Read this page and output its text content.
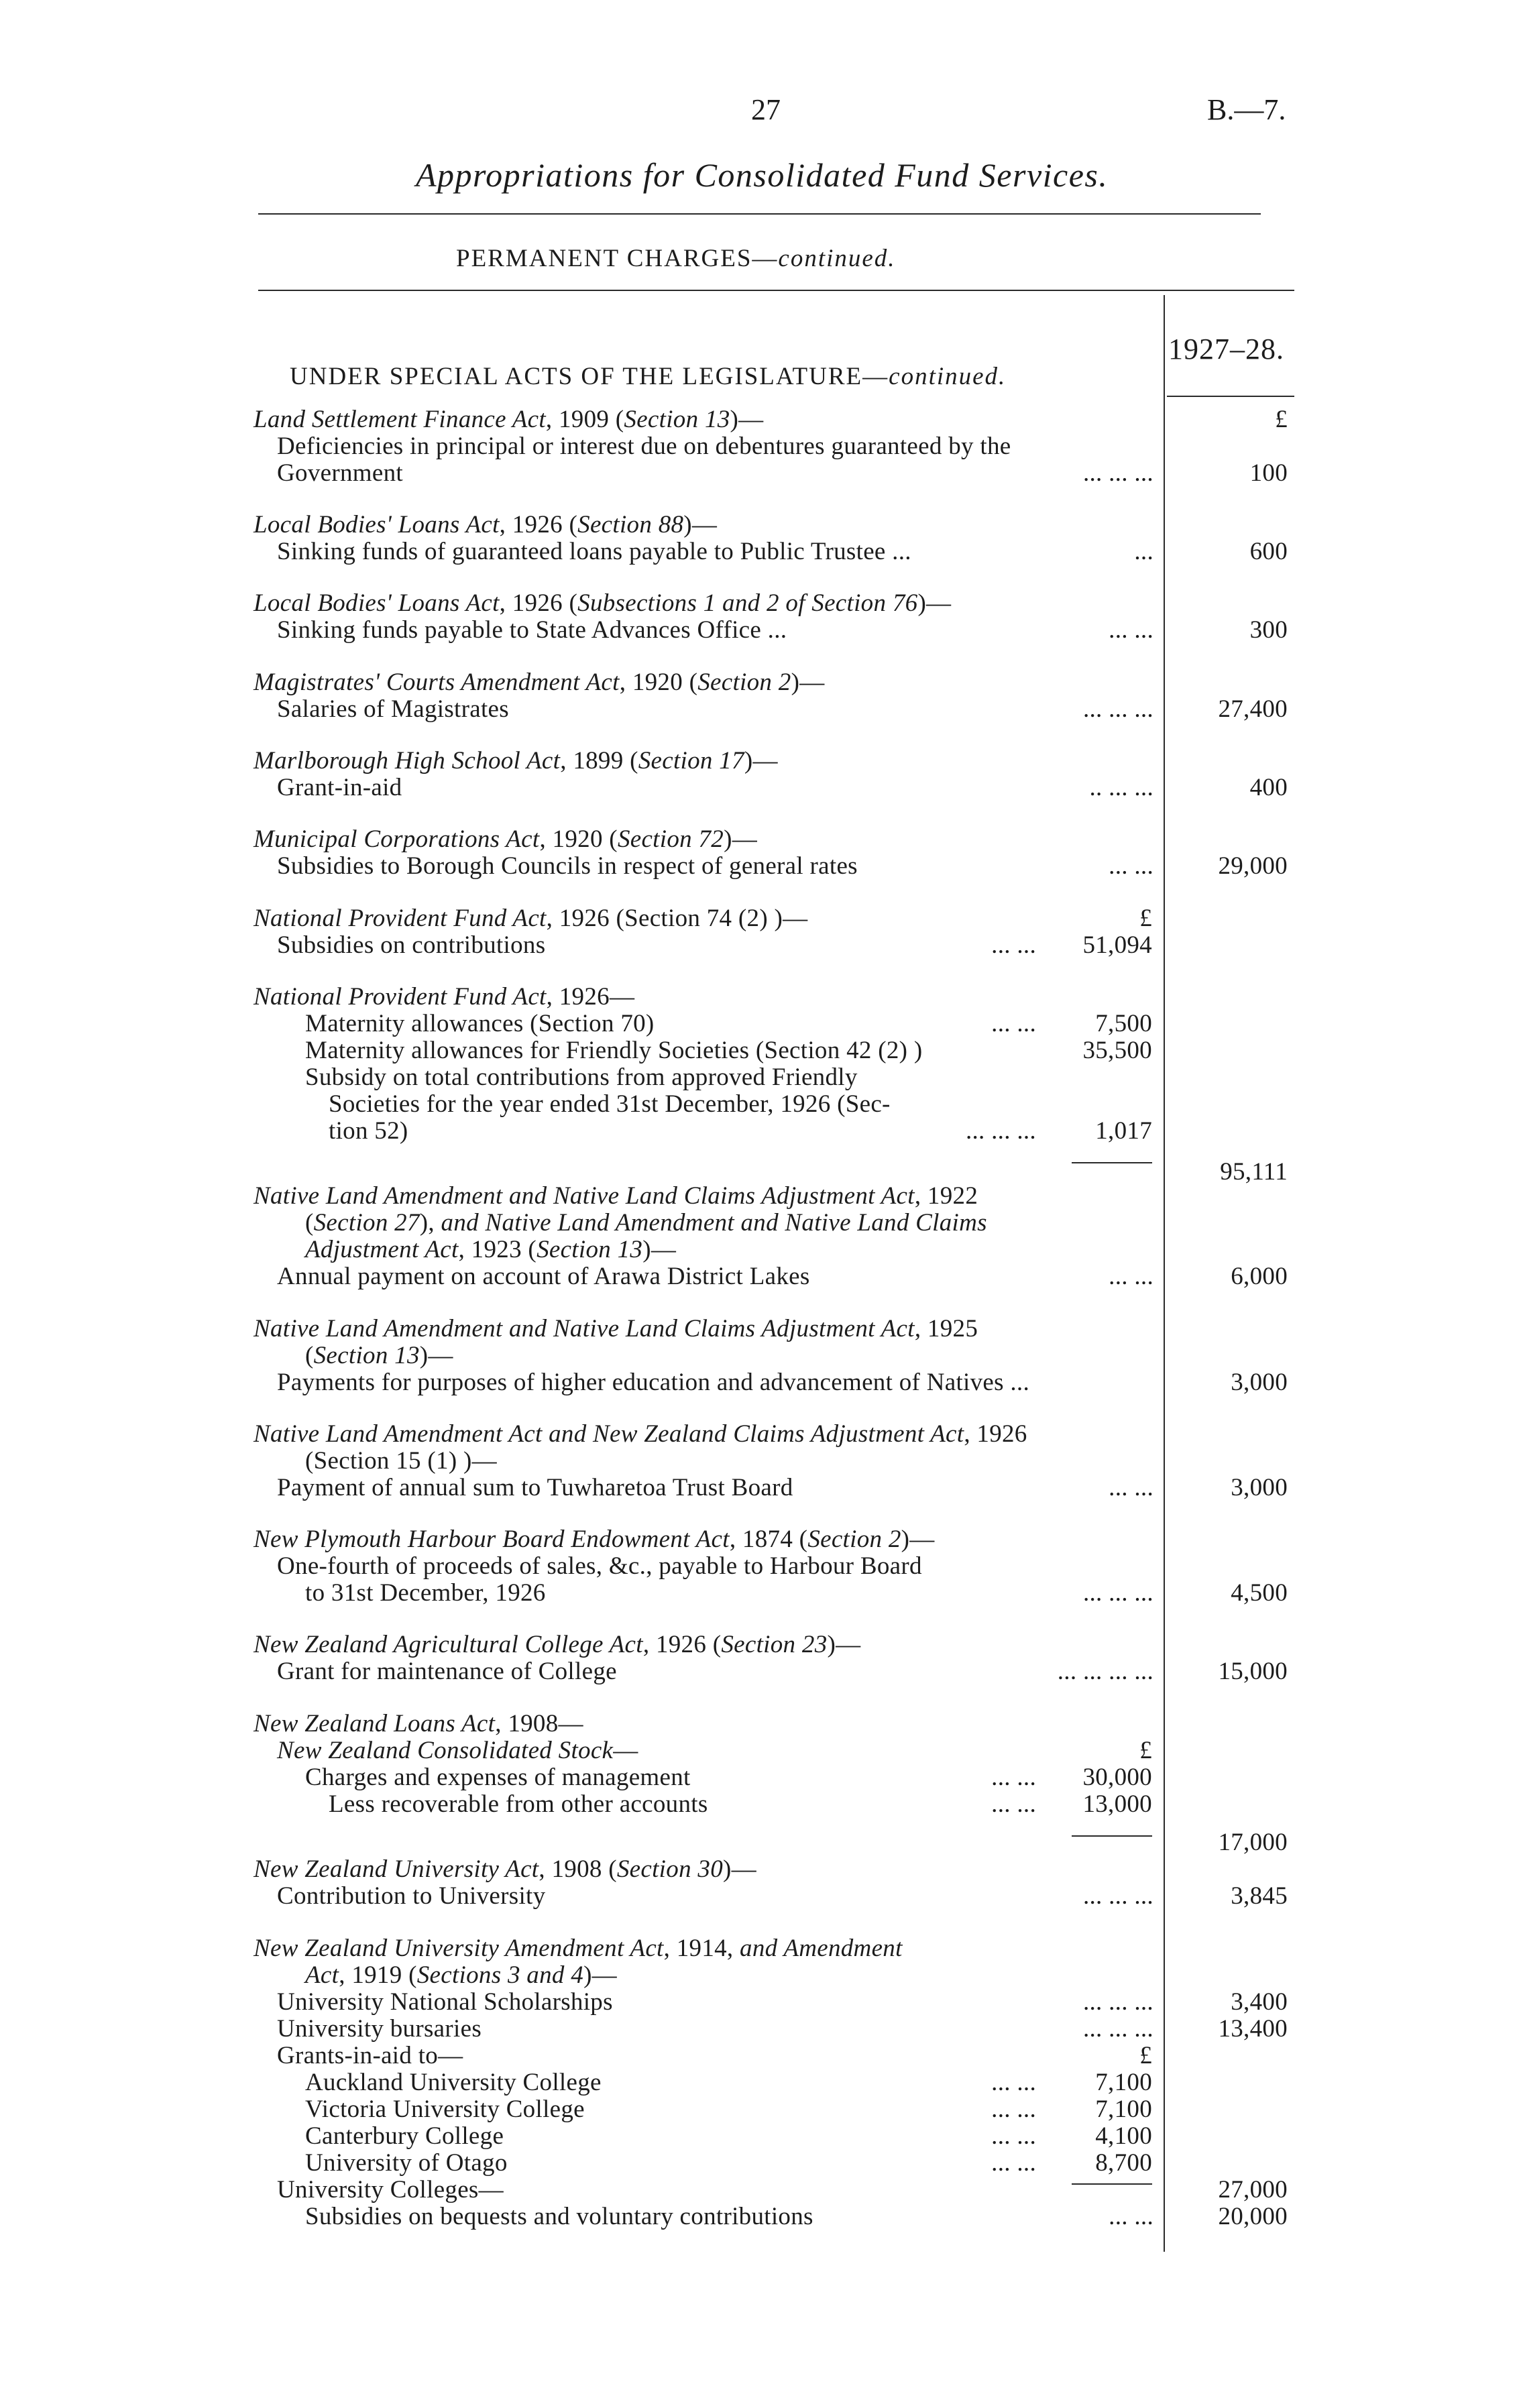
27	B.—7.
Appropriations for Consolidated Fund Services.
PERMANENT CHARGES—continued.
1927–28.
UNDER SPECIAL ACTS OF THE LEGISLATURE—continued.
Land Settlement Finance Act, 1909 (Section 13)—	£
Deficiencies in principal or interest due on debentures guaranteed by the
Government	... ... ...	100
Local Bodies' Loans Act, 1926 (Section 88)—
Sinking funds of guaranteed loans payable to Public Trustee ...	...	600
Local Bodies' Loans Act, 1926 (Subsections 1 and 2 of Section 76)—
Sinking funds payable to State Advances Office ...	... ...	300
Magistrates' Courts Amendment Act, 1920 (Section 2)—
Salaries of Magistrates	... ... ...	27,400
Marlborough High School Act, 1899 (Section 17)—
Grant-in-aid	.. ... ...	400
Municipal Corporations Act, 1920 (Section 72)—
Subsidies to Borough Councils in respect of general rates	... ...	29,000
National Provident Fund Act, 1926 (Section 74 (2) )—	£
Subsidies on contributions	... ...	51,094
National Provident Fund Act, 1926—
Maternity allowances (Section 70)	... ...	7,500
Maternity allowances for Friendly Societies (Section 42 (2) )	35,500
Subsidy on total contributions from approved Friendly
Societies for the year ended 31st December, 1926 (Sec-
tion 52)	... ... ...	1,017
95,111
Native Land Amendment and Native Land Claims Adjustment Act, 1922
(Section 27), and Native Land Amendment and Native Land Claims
Adjustment Act, 1923 (Section 13)—
Annual payment on account of Arawa District Lakes	... ...	6,000
Native Land Amendment and Native Land Claims Adjustment Act, 1925
(Section 13)—
Payments for purposes of higher education and advancement of Natives ...	3,000
Native Land Amendment Act and New Zealand Claims Adjustment Act, 1926
(Section 15 (1) )—
Payment of annual sum to Tuwharetoa Trust Board	... ...	3,000
New Plymouth Harbour Board Endowment Act, 1874 (Section 2)—
One-fourth of proceeds of sales, &c., payable to Harbour Board
to 31st December, 1926	... ... ...	4,500
New Zealand Agricultural College Act, 1926 (Section 23)—
Grant for maintenance of College	... ... ... ...	15,000
New Zealand Loans Act, 1908—
New Zealand Consolidated Stock—	£
Charges and expenses of management	... ...	30,000
Less recoverable from other accounts	... ...	13,000
17,000
New Zealand University Act, 1908 (Section 30)—
Contribution to University	... ... ...	3,845
New Zealand University Amendment Act, 1914, and Amendment
Act, 1919 (Sections 3 and 4)—
University National Scholarships	... ... ...	3,400
University bursaries	... ... ...	13,400
Grants-in-aid to—	£
Auckland University College	... ...	7,100
Victoria University College	... ...	7,100
Canterbury College	... ...	4,100
University of Otago	... ...	8,700
University Colleges—	27,000
Subsidies on bequests and voluntary contributions	... ...	20,000
